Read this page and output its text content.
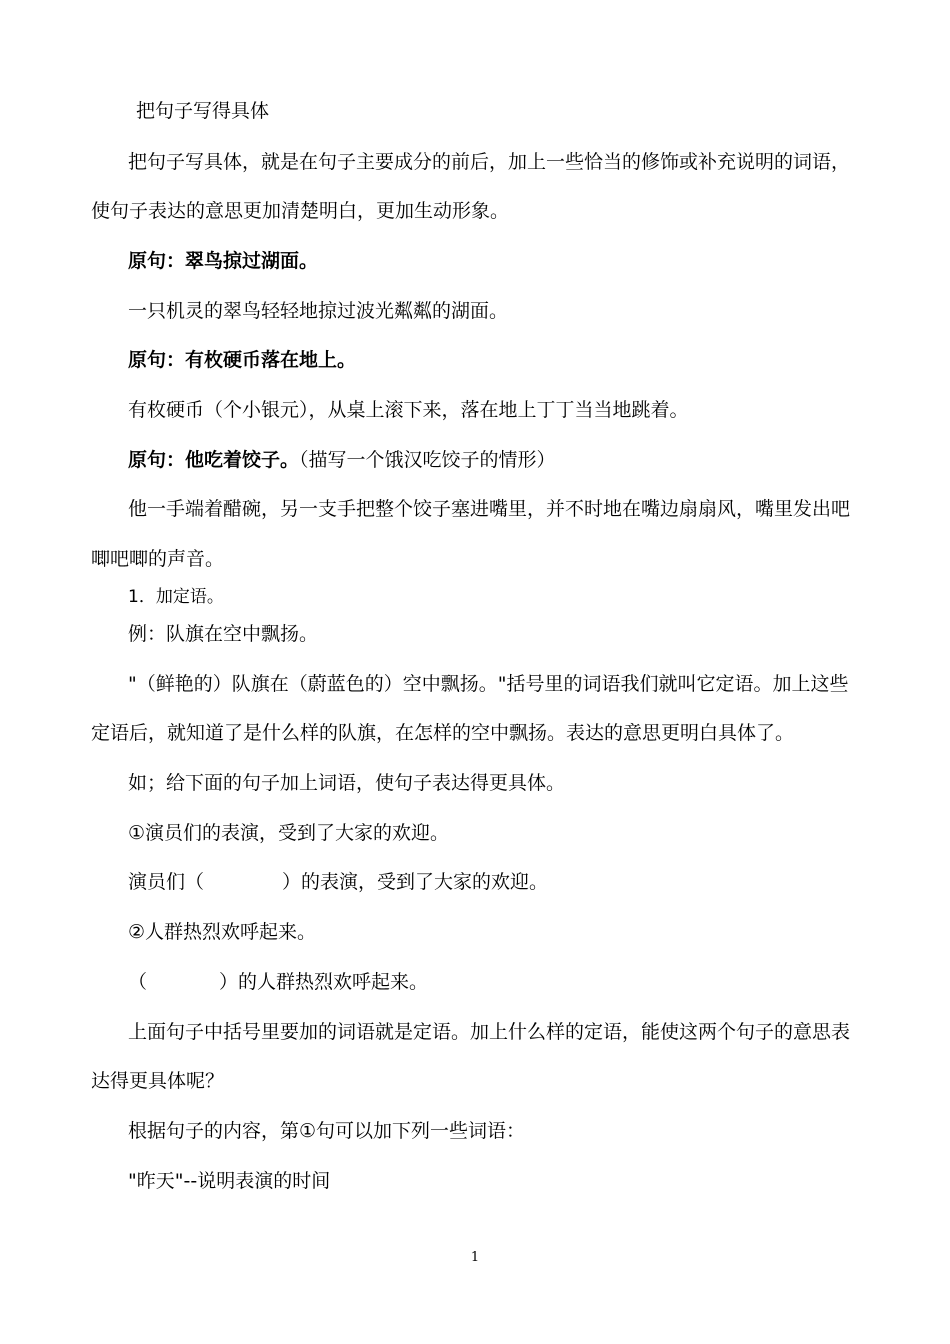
把句子写得具体
把句子写具体，就是在句子主要成分的前后，加上一些恰当的修饰或补充说明的词语，
使句子表达的意思更加清楚明白，更加生动形象。
原句：翠鸟掠过湖面。
一只机灵的翠鸟轻轻地掠过波光粼粼的湖面。
原句：有枚硬币落在地上。
有枚硬币（个小银元），从桌上滚下来，落在地上丁丁当当地跳着。
原句：他吃着饺子。（描写一个饿汉吃饺子的情形）
他一手端着醋碗，另一支手把整个饺子塞进嘴里，并不时地在嘴边扇扇风，嘴里发出吧
唧吧唧的声音。
1．加定语。
例：队旗在空中飘扬。
"（鲜艳的）队旗在（蔚蓝色的）空中飘扬。"括号里的词语我们就叫它定语。加上这些
定语后，就知道了是什么样的队旗，在怎样的空中飘扬。表达的意思更明白具体了。
如；给下面的句子加上词语，使句子表达得更具体。
①演员们的表演，受到了大家的欢迎。
演员们（	）的表演，受到了大家的欢迎。
②人群热烈欢呼起来。
（	）的人群热烈欢呼起来。
上面句子中括号里要加的词语就是定语。加上什么样的定语，能使这两个句子的意思表
达得更具体呢？
根据句子的内容，第①句可以加下列一些词语：
"昨天"--说明表演的时间
1
